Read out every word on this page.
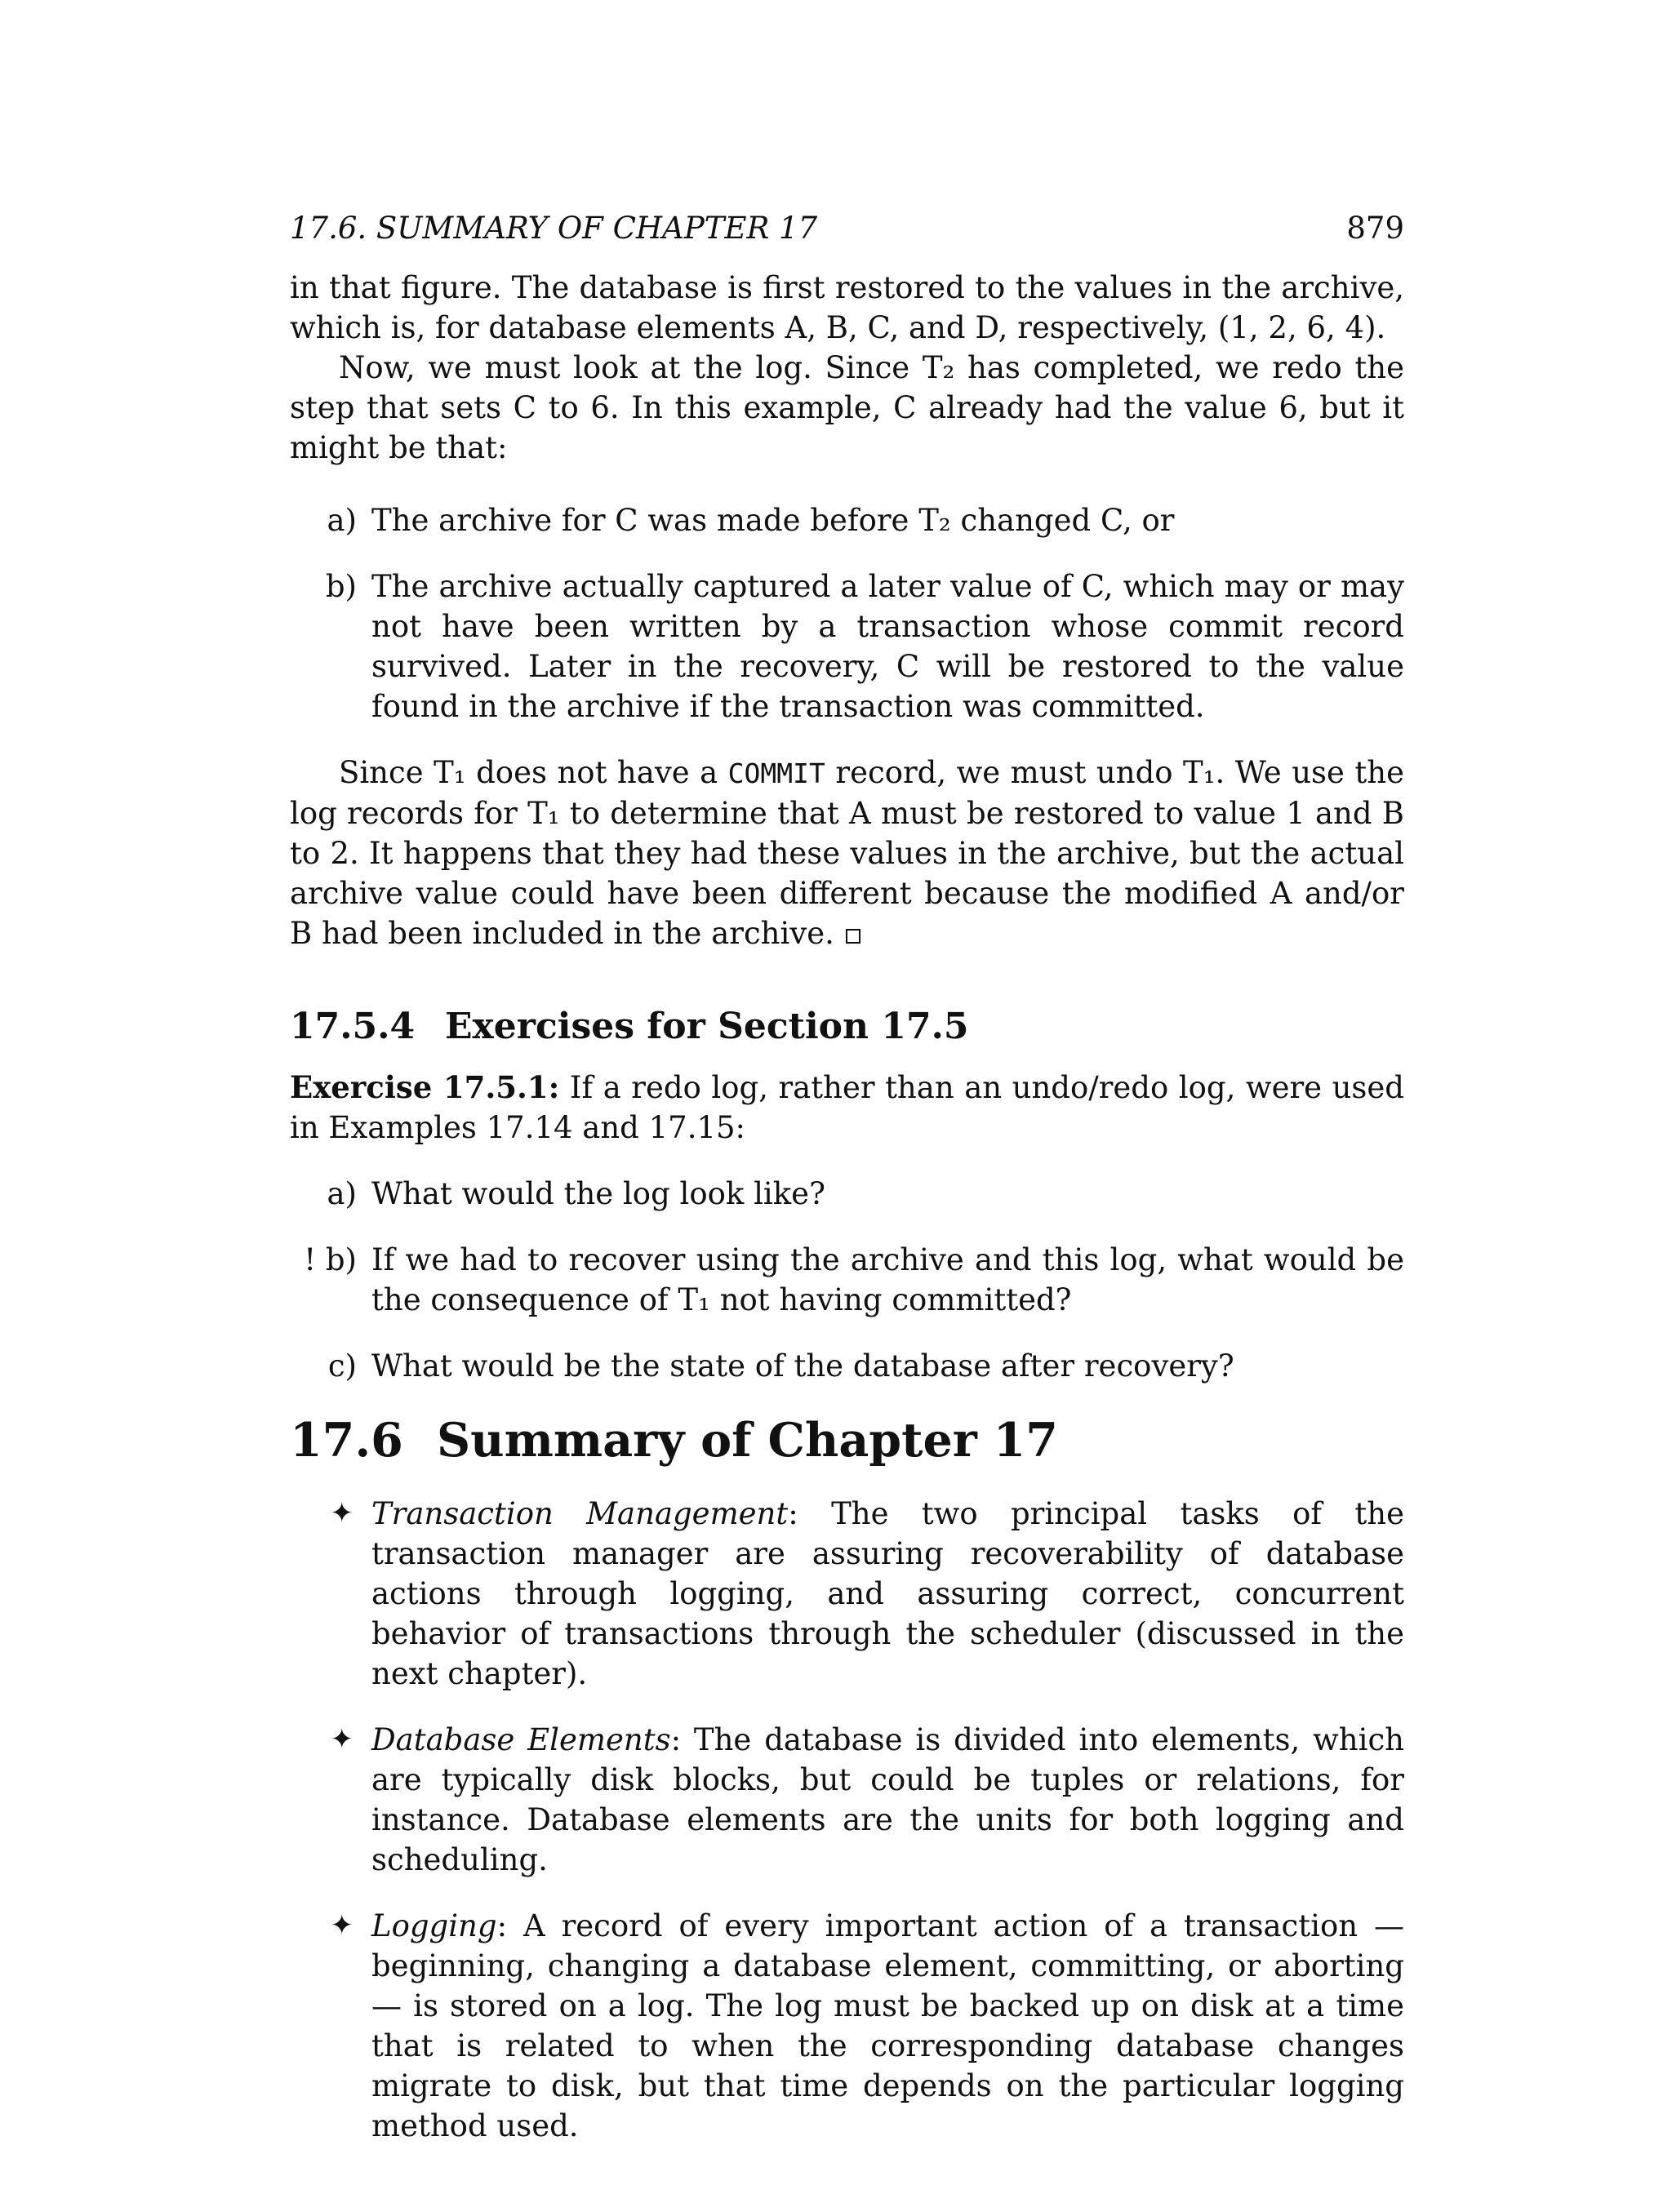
17.6. SUMMARY OF CHAPTER 17	879

in that figure. The database is first restored to the values in the archive, which is, for database elements A, B, C, and D, respectively, (1, 2, 6, 4).

Now, we must look at the log. Since T₂ has completed, we redo the step that sets C to 6. In this example, C already had the value 6, but it might be that:

a) The archive for C was made before T₂ changed C, or
b) The archive actually captured a later value of C, which may or may not have been written by a transaction whose commit record survived. Later in the recovery, C will be restored to the value found in the archive if the transaction was committed.

Since T₁ does not have a COMMIT record, we must undo T₁. We use the log records for T₁ to determine that A must be restored to value 1 and B to 2. It happens that they had these values in the archive, but the actual archive value could have been different because the modified A and/or B had been included in the archive.

17.5.4 Exercises for Section 17.5

Exercise 17.5.1: If a redo log, rather than an undo/redo log, were used in Examples 17.14 and 17.15:

a) What would the log look like?
! b) If we had to recover using the archive and this log, what would be the consequence of T₁ not having committed?
c) What would be the state of the database after recovery?
17.6 Summary of Chapter 17
✦ Transaction Management: The two principal tasks of the transaction manager are assuring recoverability of database actions through logging, and assuring correct, concurrent behavior of transactions through the scheduler (discussed in the next chapter).
✦ Database Elements: The database is divided into elements, which are typically disk blocks, but could be tuples or relations, for instance. Database elements are the units for both logging and scheduling.
✦ Logging: A record of every important action of a transaction — beginning, changing a database element, committing, or aborting — is stored on a log. The log must be backed up on disk at a time that is related to when the corresponding database changes migrate to disk, but that time depends on the particular logging method used.
